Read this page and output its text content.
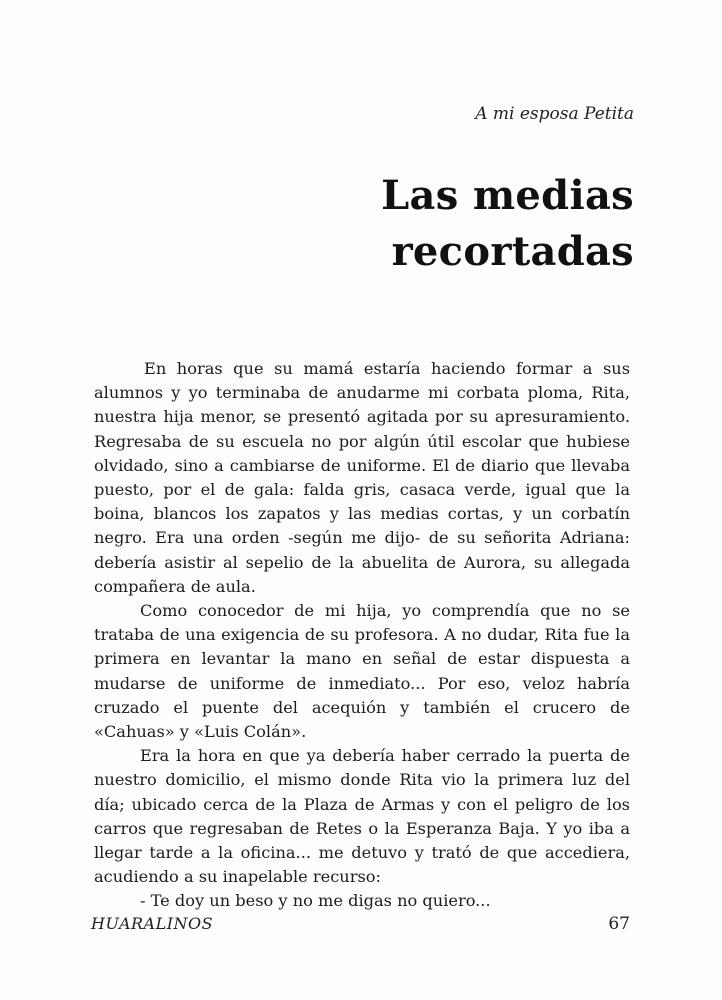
A mi esposa Petita
Las medias
recortadas

En horas que su mamá estaría haciendo formar a sus alumnos y yo terminaba de anudarme mi corbata ploma, Rita, nuestra hija menor, se presentó agitada por su apresuramiento. Regresaba de su escuela no por algún útil escolar que hubiese olvidado, sino a cambiarse de uniforme. El de diario que llevaba puesto, por el de gala: falda gris, casaca verde, igual que la boina, blancos los zapatos y las medias cortas, y un corbatín negro. Era una orden -según me dijo- de su señorita Adriana: debería asistir al sepelio de la abuelita de Aurora, su allegada compañera de aula.

Como conocedor de mi hija, yo comprendía que no se trataba de una exigencia de su profesora. A no dudar, Rita fue la primera en levantar la mano en señal de estar dispuesta a mudarse de uniforme de inmediato... Por eso, veloz habría cruzado el puente del acequión y también el crucero de «Cahuas» y «Luis Colán».

Era la hora en que ya debería haber cerrado la puerta de nuestro domicilio, el mismo donde Rita vio la primera luz del día; ubicado cerca de la Plaza de Armas y con el peligro de los carros que regresaban de Retes o la Esperanza Baja. Y yo iba a llegar tarde a la oficina... me detuvo y trató de que accediera, acudiendo a su inapelable recurso:

- Te doy un beso y no me digas no quiero...

HUARALINOS	67
